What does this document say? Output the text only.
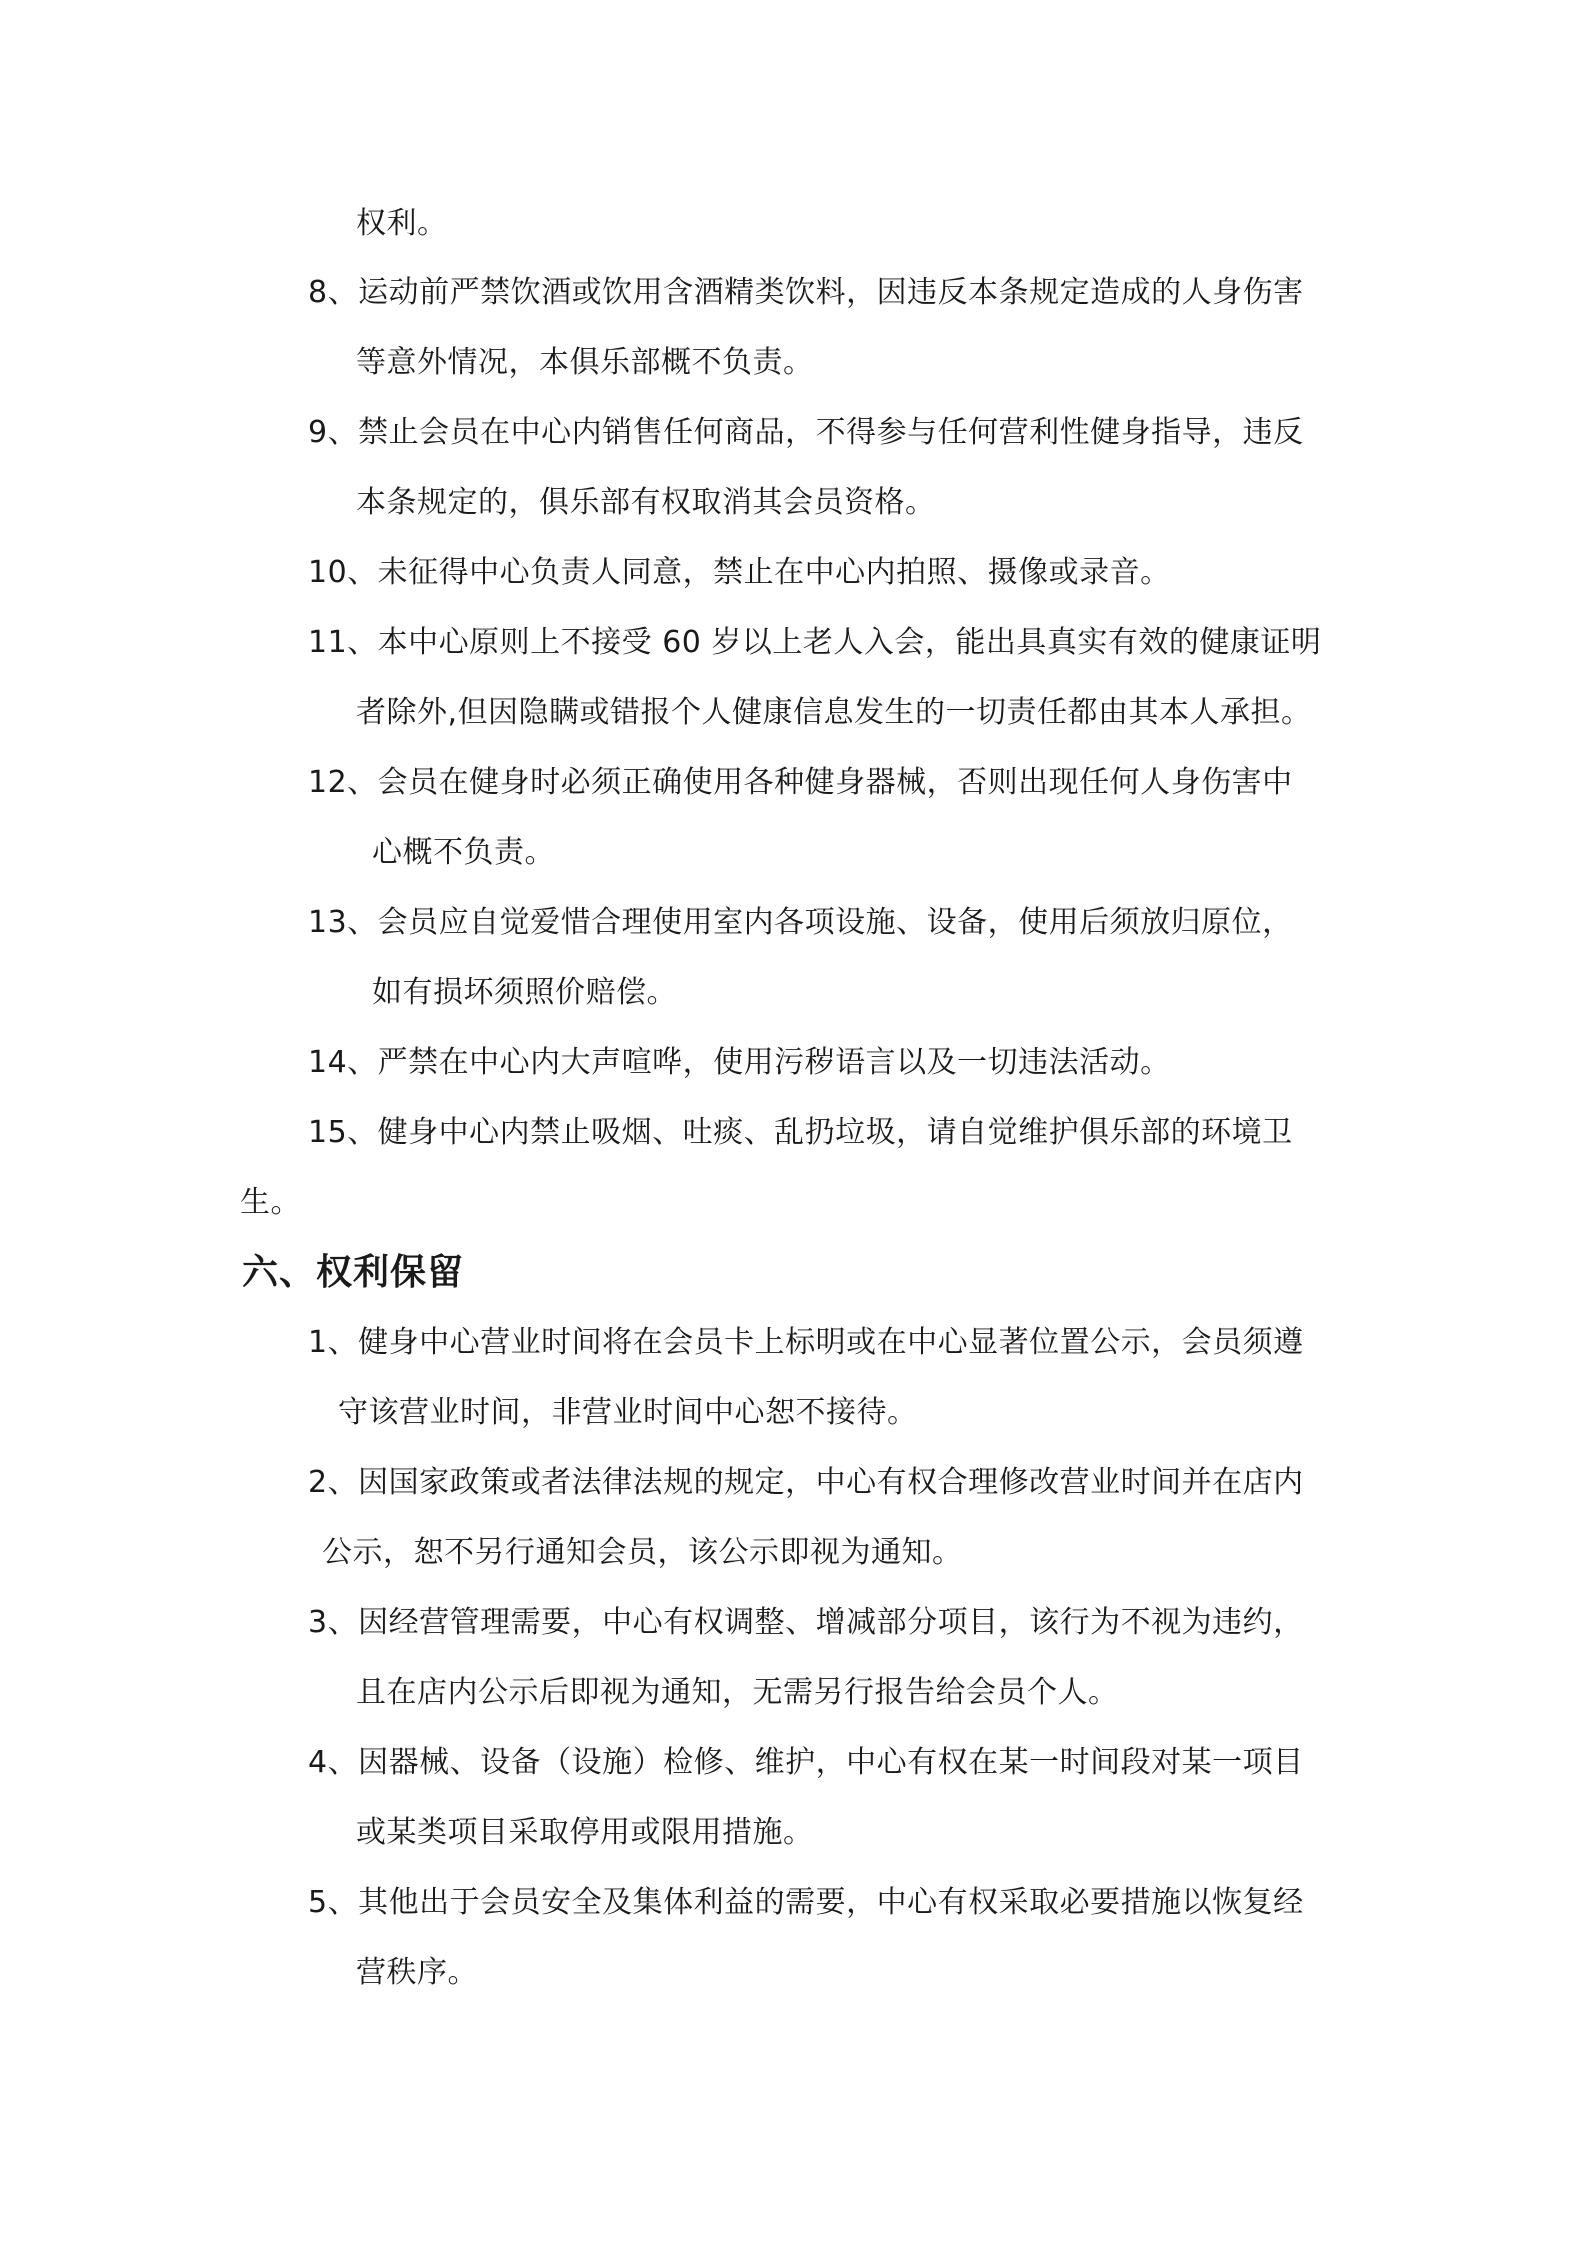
权利。
8、运动前严禁饮酒或饮用含酒精类饮料，因违反本条规定造成的人身伤害
等意外情况，本俱乐部概不负责。
9、禁止会员在中心内销售任何商品，不得参与任何营利性健身指导，违反
本条规定的，俱乐部有权取消其会员资格。
10、未征得中心负责人同意，禁止在中心内拍照、摄像或录音。
11、本中心原则上不接受 60 岁以上老人入会，能出具真实有效的健康证明
者除外,但因隐瞒或错报个人健康信息发生的一切责任都由其本人承担。
12、会员在健身时必须正确使用各种健身器械，否则出现任何人身伤害中
心概不负责。
13、会员应自觉爱惜合理使用室内各项设施、设备，使用后须放归原位，
如有损坏须照价赔偿。
14、严禁在中心内大声喧哗，使用污秽语言以及一切违法活动。
15、健身中心内禁止吸烟、吐痰、乱扔垃圾，请自觉维护俱乐部的环境卫
生。
六、权利保留
1、健身中心营业时间将在会员卡上标明或在中心显著位置公示，会员须遵
守该营业时间，非营业时间中心恕不接待。
2、因国家政策或者法律法规的规定，中心有权合理修改营业时间并在店内
公示，恕不另行通知会员，该公示即视为通知。
3、因经营管理需要，中心有权调整、增减部分项目，该行为不视为违约，
且在店内公示后即视为通知，无需另行报告给会员个人。
4、因器械、设备（设施）检修、维护，中心有权在某一时间段对某一项目
或某类项目采取停用或限用措施。
5、其他出于会员安全及集体利益的需要，中心有权采取必要措施以恢复经
营秩序。
